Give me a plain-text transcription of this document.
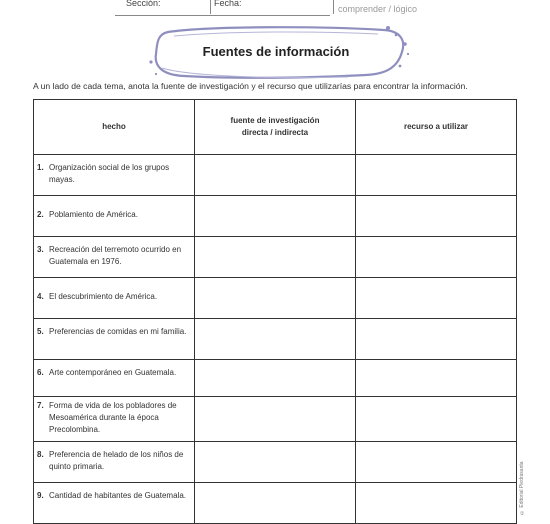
Sección:	Fecha:
comprender / lógico
Fuentes de información
A un lado de cada tema, anota la fuente de investigación y el recurso que utilizarías para encontrar la información.
hecho	fuente de investigación directa / indirecta	recurso a utilizar

1. Organización social de los grupos mayas.		

2. Poblamiento de América.		

3. Recreación del terremoto ocurrido en Guatemala en 1976.		

4. El descubrimiento de América.		

5. Preferencias de comidas en mi familia.		

6. Arte contemporáneo en Guatemala.		

7. Forma de vida de los pobladores de Mesoamérica durante la época Precolombina.		

8. Preferencia de helado de los niños de quinto primaria.		

9. Cantidad de habitantes de Guatemala.		
			© Editorial Piedrasanta
